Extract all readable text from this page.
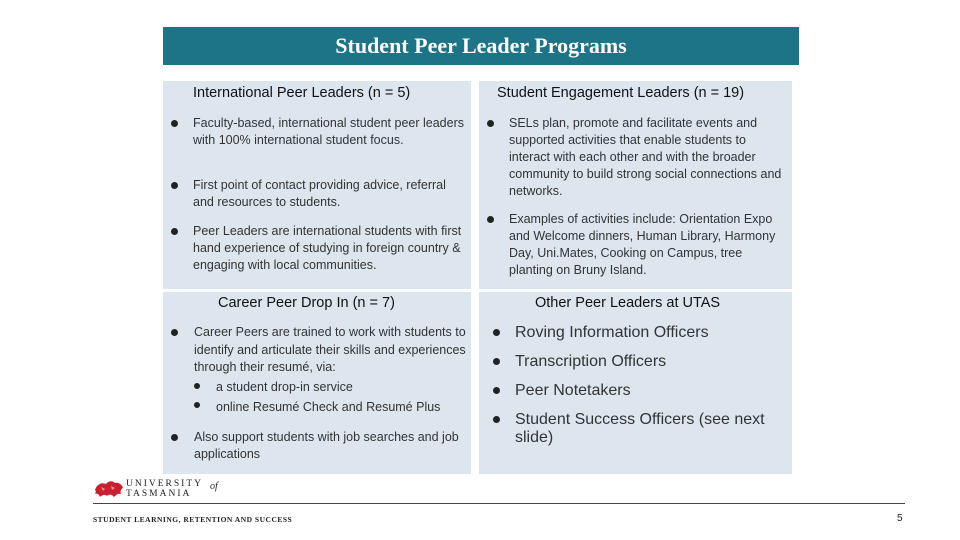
Student Peer Leader Programs
International Peer Leaders (n = 5)
Faculty-based, international student peer leaders with 100% international student focus.
First point of contact providing advice, referral and resources to students.
Peer Leaders are international students with first hand experience of studying in foreign country & engaging with local communities.
Student Engagement Leaders (n = 19)
SELs plan, promote and facilitate events and supported activities that enable students to interact with each other and with the broader community to build strong social connections and networks.
Examples of activities include: Orientation Expo and Welcome dinners, Human Library, Harmony Day, Uni.Mates, Cooking on Campus, tree planting on Bruny Island.
Career Peer Drop In (n = 7)
Career Peers are trained to work with students to identify and articulate their skills and experiences through their resumé, via:
a student drop-in service
online Resumé Check and Resumé Plus
Also support students with job searches and job applications
Other Peer Leaders at UTAS
Roving Information Officers
Transcription Officers
Peer Notetakers
Student Success Officers (see next slide)
UNIVERSITY
TASMANIA
of
STUDENT LEARNING, RETENTION AND SUCCESS	5
